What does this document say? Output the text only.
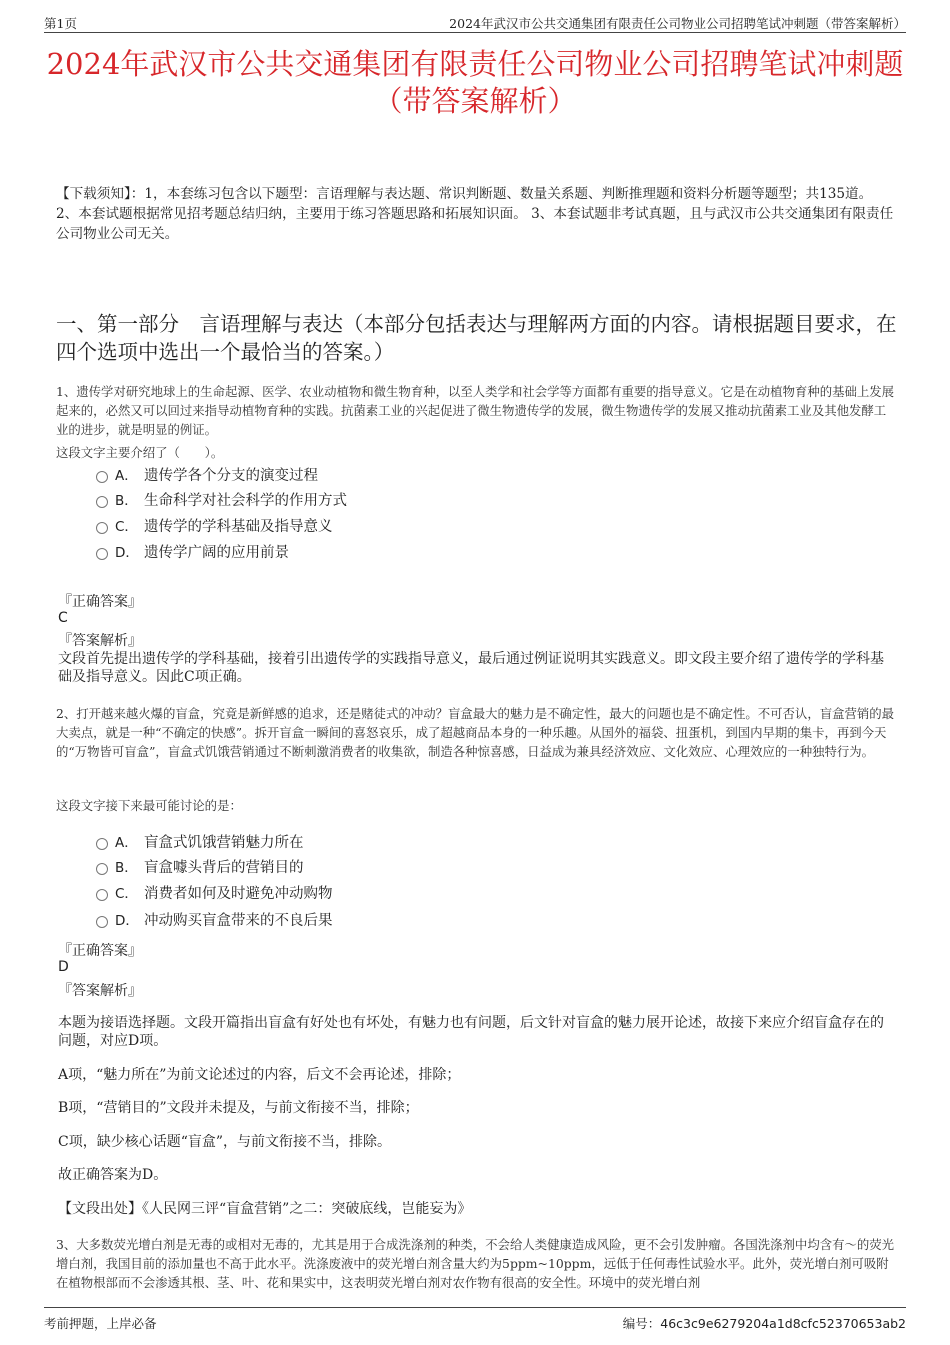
第1页	2024年武汉市公共交通集团有限责任公司物业公司招聘笔试冲刺题（带答案解析）
2024年武汉市公共交通集团有限责任公司物业公司招聘笔试冲刺题（带答案解析）
【下载须知】：1，本套练习包含以下题型：言语理解与表达题、常识判断题、数量关系题、判断推理题和资料分析题等题型；共135道。 2、本套试题根据常见招考题总结归纳，主要用于练习答题思路和拓展知识面。 3、本套试题非考试真题，且与武汉市公共交通集团有限责任公司物业公司无关。
一、第一部分　言语理解与表达（本部分包括表达与理解两方面的内容。请根据题目要求，在四个选项中选出一个最恰当的答案。）
1、遗传学对研究地球上的生命起源、医学、农业动植物和微生物育种，以至人类学和社会学等方面都有重要的指导意义。它是在动植物育种的基础上发展起来的，必然又可以回过来指导动植物育种的实践。抗菌素工业的兴起促进了微生物遗传学的发展，微生物遗传学的发展又推动抗菌素工业及其他发酵工业的进步，就是明显的例证。
这段文字主要介绍了（　　）。
A． 遗传学各个分支的演变过程
B． 生命科学对社会科学的作用方式
C． 遗传学的学科基础及指导意义
D． 遗传学广阔的应用前景
『正确答案』
C
『答案解析』
文段首先提出遗传学的学科基础，接着引出遗传学的实践指导意义，最后通过例证说明其实践意义。即文段主要介绍了遗传学的学科基础及指导意义。因此C项正确。
2、打开越来越火爆的盲盒，究竟是新鲜感的追求，还是赌徒式的冲动？盲盒最大的魅力是不确定性，最大的问题也是不确定性。不可否认，盲盒营销的最大卖点，就是一种“不确定的快感”。拆开盲盒一瞬间的喜怒哀乐，成了超越商品本身的一种乐趣。从国外的福袋、扭蛋机，到国内早期的集卡，再到今天的“万物皆可盲盒”，盲盒式饥饿营销通过不断刺激消费者的收集欲，制造各种惊喜感，日益成为兼具经济效应、文化效应、心理效应的一种独特行为。
这段文字接下来最可能讨论的是：
A． 盲盒式饥饿营销魅力所在
B． 盲盒噱头背后的营销目的
C． 消费者如何及时避免冲动购物
D． 冲动购买盲盒带来的不良后果
『正确答案』
D
『答案解析』
本题为接语选择题。文段开篇指出盲盒有好处也有坏处，有魅力也有问题，后文针对盲盒的魅力展开论述，故接下来应介绍盲盒存在的问题，对应D项。
A项，“魅力所在”为前文论述过的内容，后文不会再论述，排除；
B项，“营销目的”文段并未提及，与前文衔接不当，排除；
C项，缺少核心话题“盲盒”，与前文衔接不当，排除。
故正确答案为D。
【文段出处】《人民网三评“盲盒营销”之二：突破底线，岂能妄为》
3、大多数荧光增白剂是无毒的或相对无毒的，尤其是用于合成洗涤剂的种类，不会给人类健康造成风险，更不会引发肿瘤。各国洗涤剂中均含有～的荧光增白剂，我国目前的添加量也不高于此水平。洗涤废液中的荧光增白剂含量大约为5ppm~10ppm，远低于任何毒性试验水平。此外，荧光增白剂可吸附在植物根部而不会渗透其根、茎、叶、花和果实中，这表明荧光增白剂对农作物有很高的安全性。环境中的荧光增白剂
考前押题，上岸必备	编号：46c3c9e6279204a1d8cfc52370653ab2
